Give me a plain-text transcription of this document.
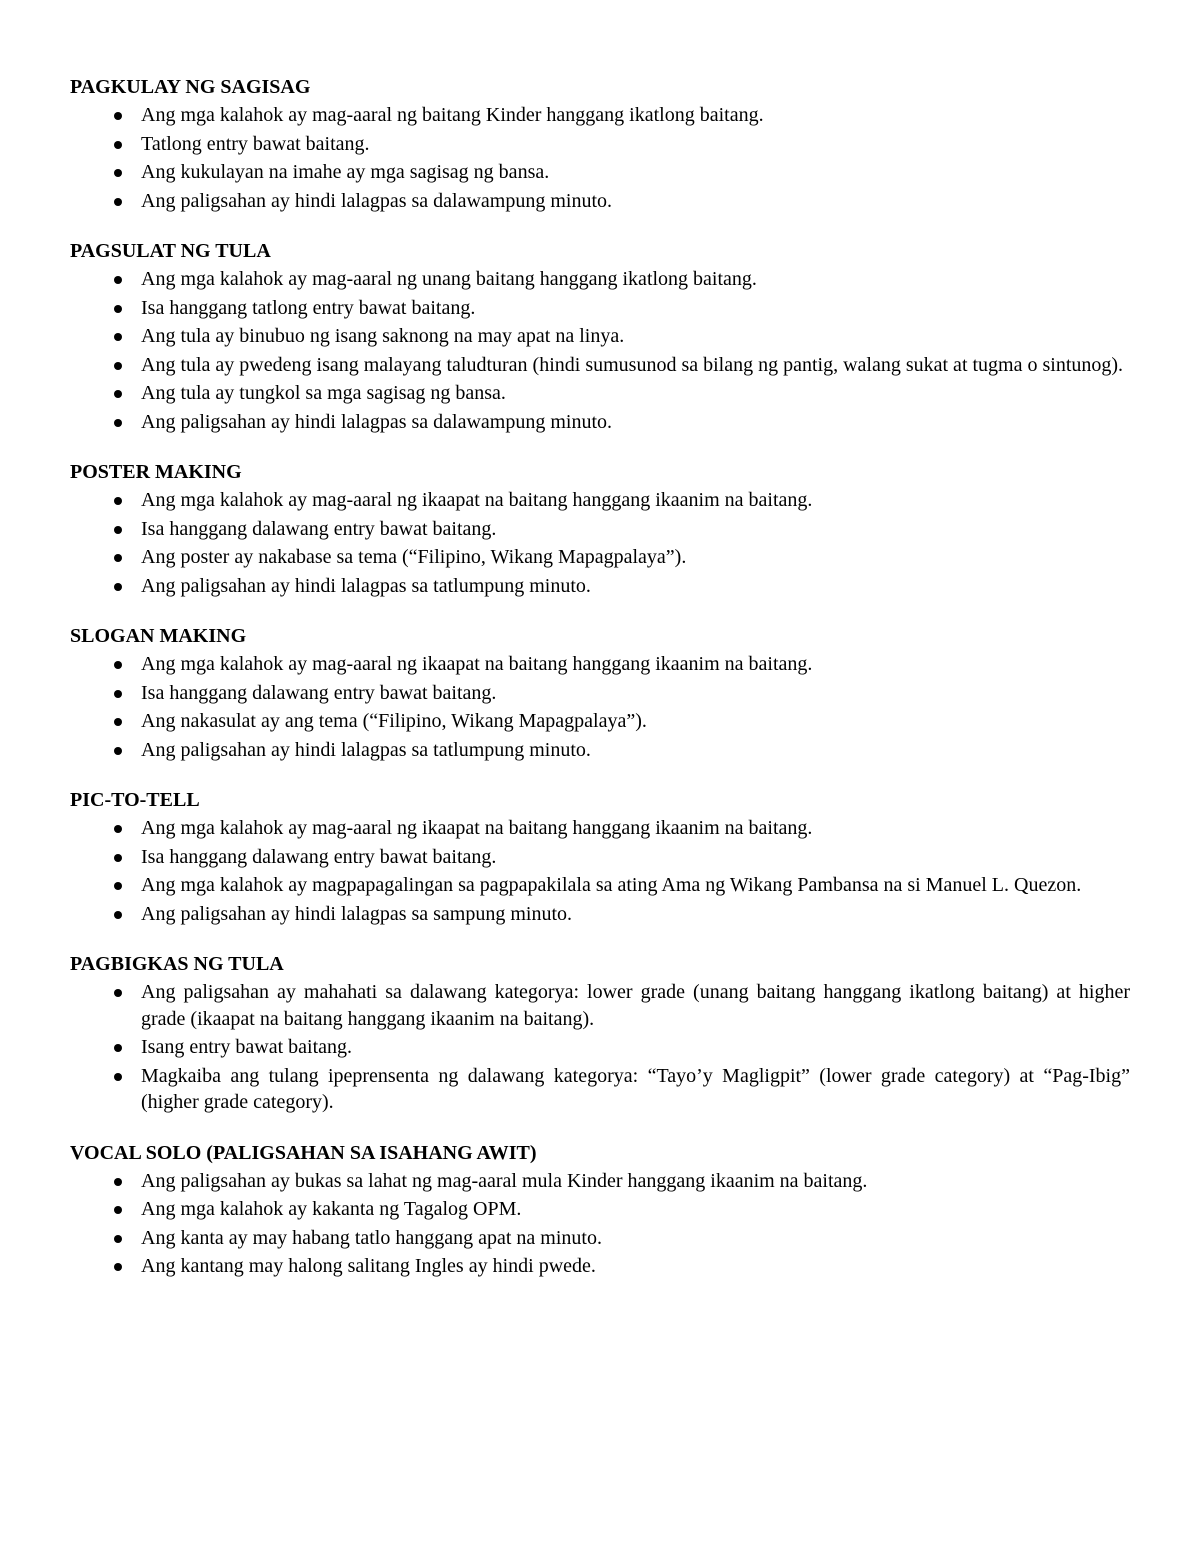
PAGKULAY NG SAGISAG
Ang mga kalahok ay mag-aaral ng baitang Kinder hanggang ikatlong baitang.
Tatlong entry bawat baitang.
Ang kukulayan na imahe ay mga sagisag ng bansa.
Ang paligsahan ay hindi lalagpas sa dalawampung minuto.
PAGSULAT NG TULA
Ang mga kalahok ay mag-aaral ng unang baitang hanggang ikatlong baitang.
Isa hanggang tatlong entry bawat baitang.
Ang tula ay binubuo ng isang saknong na may apat na linya.
Ang tula ay pwedeng isang malayang taludturan (hindi sumusunod sa bilang ng pantig, walang sukat at tugma o sintunog).
Ang tula ay tungkol sa mga sagisag ng bansa.
Ang paligsahan ay hindi lalagpas sa dalawampung minuto.
POSTER MAKING
Ang mga kalahok ay mag-aaral ng ikaapat na baitang hanggang ikaanim na baitang.
Isa hanggang dalawang entry bawat baitang.
Ang poster ay nakabase sa tema (“Filipino, Wikang Mapagpalaya”).
Ang paligsahan ay hindi lalagpas sa tatlumpung minuto.
SLOGAN MAKING
Ang mga kalahok ay mag-aaral ng ikaapat na baitang hanggang ikaanim na baitang.
Isa hanggang dalawang entry bawat baitang.
Ang nakasulat ay ang tema (“Filipino, Wikang Mapagpalaya”).
Ang paligsahan ay hindi lalagpas sa tatlumpung minuto.
PIC-TO-TELL
Ang mga kalahok ay mag-aaral ng ikaapat na baitang hanggang ikaanim na baitang.
Isa hanggang dalawang entry bawat baitang.
Ang mga kalahok ay magpapagalingan sa pagpapakilala sa ating Ama ng Wikang Pambansa na si Manuel L. Quezon.
Ang paligsahan ay hindi lalagpas sa sampung minuto.
PAGBIGKAS NG TULA
Ang paligsahan ay mahahati sa dalawang kategorya: lower grade (unang baitang hanggang ikatlong baitang) at higher grade (ikaapat na baitang hanggang ikaanim na baitang).
Isang entry bawat baitang.
Magkaiba ang tulang ipeprensenta ng dalawang kategorya: “Tayo’y Magligpit” (lower grade category) at “Pag-Ibig” (higher grade category).
VOCAL SOLO (PALIGSAHAN SA ISAHANG AWIT)
Ang paligsahan ay bukas sa lahat ng mag-aaral mula Kinder hanggang ikaanim na baitang.
Ang mga kalahok ay kakanta ng Tagalog OPM.
Ang kanta ay may habang tatlo hanggang apat na minuto.
Ang kantang may halong salitang Ingles ay hindi pwede.
